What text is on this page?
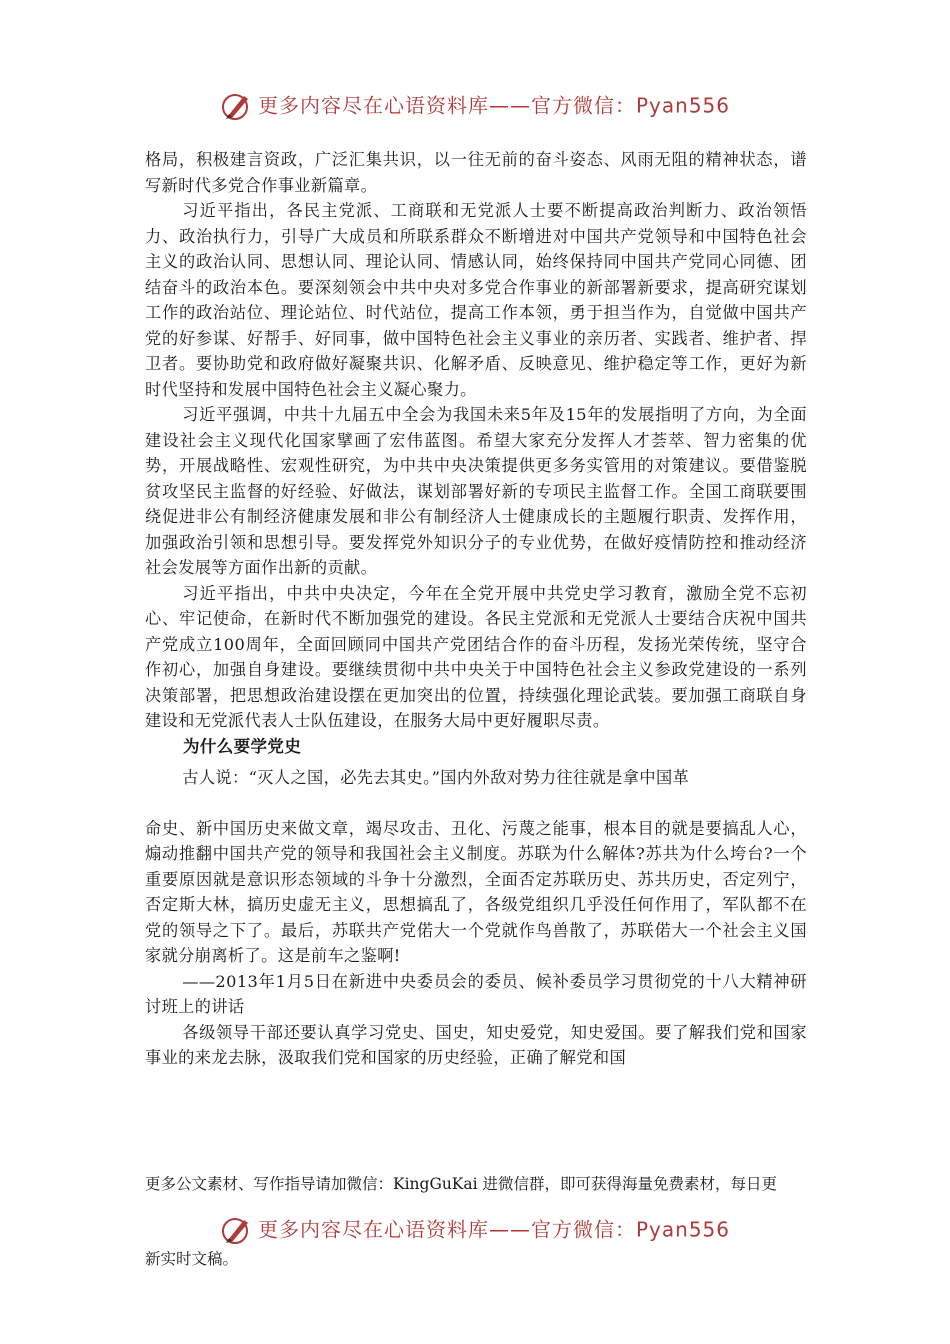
更多内容尽在心语资料库——官方微信：Pyan556

格局，积极建言资政，广泛汇集共识，以一往无前的奋斗姿态、风雨无阻的精神状态，谱写新时代多党合作事业新篇章。

习近平指出，各民主党派、工商联和无党派人士要不断提高政治判断力、政治领悟力、政治执行力，引导广大成员和所联系群众不断增进对中国共产党领导和中国特色社会主义的政治认同、思想认同、理论认同、情感认同，始终保持同中国共产党同心同德、团结奋斗的政治本色。要深刻领会中共中央对多党合作事业的新部署新要求，提高研究谋划工作的政治站位、理论站位、时代站位，提高工作本领，勇于担当作为，自觉做中国共产党的好参谋、好帮手、好同事，做中国特色社会主义事业的亲历者、实践者、维护者、捍卫者。要协助党和政府做好凝聚共识、化解矛盾、反映意见、维护稳定等工作，更好为新时代坚持和发展中国特色社会主义凝心聚力。

习近平强调，中共十九届五中全会为我国未来5年及15年的发展指明了方向，为全面建设社会主义现代化国家擘画了宏伟蓝图。希望大家充分发挥人才荟萃、智力密集的优势，开展战略性、宏观性研究，为中共中央决策提供更多务实管用的对策建议。要借鉴脱贫攻坚民主监督的好经验、好做法，谋划部署好新的专项民主监督工作。全国工商联要围绕促进非公有制经济健康发展和非公有制经济人士健康成长的主题履行职责、发挥作用，加强政治引领和思想引导。要发挥党外知识分子的专业优势，在做好疫情防控和推动经济社会发展等方面作出新的贡献。

习近平指出，中共中央决定，今年在全党开展中共党史学习教育，激励全党不忘初心、牢记使命，在新时代不断加强党的建设。各民主党派和无党派人士要结合庆祝中国共产党成立100周年，全面回顾同中国共产党团结合作的奋斗历程，发扬光荣传统，坚守合作初心，加强自身建设。要继续贯彻中共中央关于中国特色社会主义参政党建设的一系列决策部署，把思想政治建设摆在更加突出的位置，持续强化理论武装。要加强工商联自身建设和无党派代表人士队伍建设，在服务大局中更好履职尽责。

为什么要学党史

古人说：“灭人之国，必先去其史。”国内外敌对势力往往就是拿中国革

命史、新中国历史来做文章，竭尽攻击、丑化、污蔑之能事，根本目的就是要搞乱人心，煽动推翻中国共产党的领导和我国社会主义制度。苏联为什么解体?苏共为什么垮台?一个重要原因就是意识形态领域的斗争十分激烈，全面否定苏联历史、苏共历史，否定列宁，否定斯大林，搞历史虚无主义，思想搞乱了，各级党组织几乎没任何作用了，军队都不在党的领导之下了。最后，苏联共产党偌大一个党就作鸟兽散了，苏联偌大一个社会主义国家就分崩离析了。这是前车之鉴啊!

——2013年1月5日在新进中央委员会的委员、候补委员学习贯彻党的十八大精神研讨班上的讲话

各级领导干部还要认真学习党史、国史，知史爱党，知史爱国。要了解我们党和国家事业的来龙去脉，汲取我们党和国家的历史经验，正确了解党和国

更多公文素材、写作指导请加微信：KingGuKai 进微信群，即可获得海量免费素材，每日更
更多内容尽在心语资料库——官方微信：Pyan556
新实时文稿。
